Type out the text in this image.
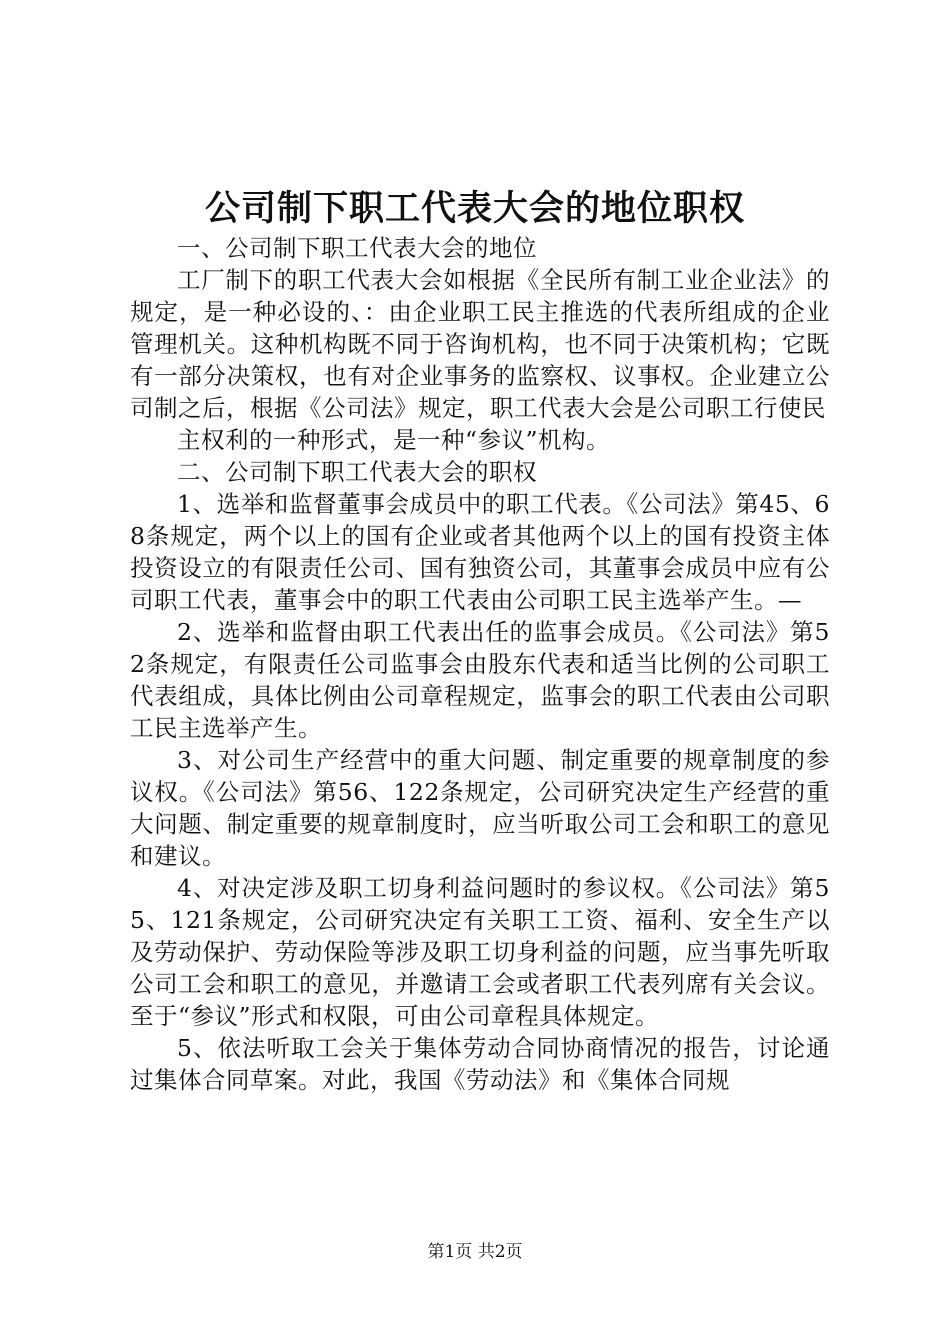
公司制下职工代表大会的地位职权

一、公司制下职工代表大会的地位

工厂制下的职工代表大会如根据《全民所有制工业企业法》的规定，是一种必设的、：由企业职工民主推选的代表所组成的企业管理机关。这种机构既不同于咨询机构，也不同于决策机构；它既有一部分决策权，也有对企业事务的监察权、议事权。企业建立公司制之后，根据《公司法》规定，职工代表大会是公司职工行使民

主权利的一种形式，是一种“参议”机构。

二、公司制下职工代表大会的职权

1、选举和监督董事会成员中的职工代表。《公司法》第45、68条规定，两个以上的国有企业或者其他两个以上的国有投资主体投资设立的有限责任公司、国有独资公司，其董事会成员中应有公司职工代表，董事会中的职工代表由公司职工民主选举产生。—

2、选举和监督由职工代表出任的监事会成员。《公司法》第52条规定，有限责任公司监事会由股东代表和适当比例的公司职工代表组成，具体比例由公司章程规定，监事会的职工代表由公司职工民主选举产生。

3、对公司生产经营中的重大问题、制定重要的规章制度的参议权。《公司法》第56、122条规定，公司研究决定生产经营的重大问题、制定重要的规章制度时，应当听取公司工会和职工的意见和建议。

4、对决定涉及职工切身利益问题时的参议权。《公司法》第55、121条规定，公司研究决定有关职工工资、福利、安全生产以及劳动保护、劳动保险等涉及职工切身利益的问题，应当事先听取公司工会和职工的意见，并邀请工会或者职工代表列席有关会议。至于“参议”形式和权限，可由公司章程具体规定。

5、依法听取工会关于集体劳动合同协商情况的报告，讨论通过集体合同草案。对此，我国《劳动法》和《集体合同规

第1页 共2页
